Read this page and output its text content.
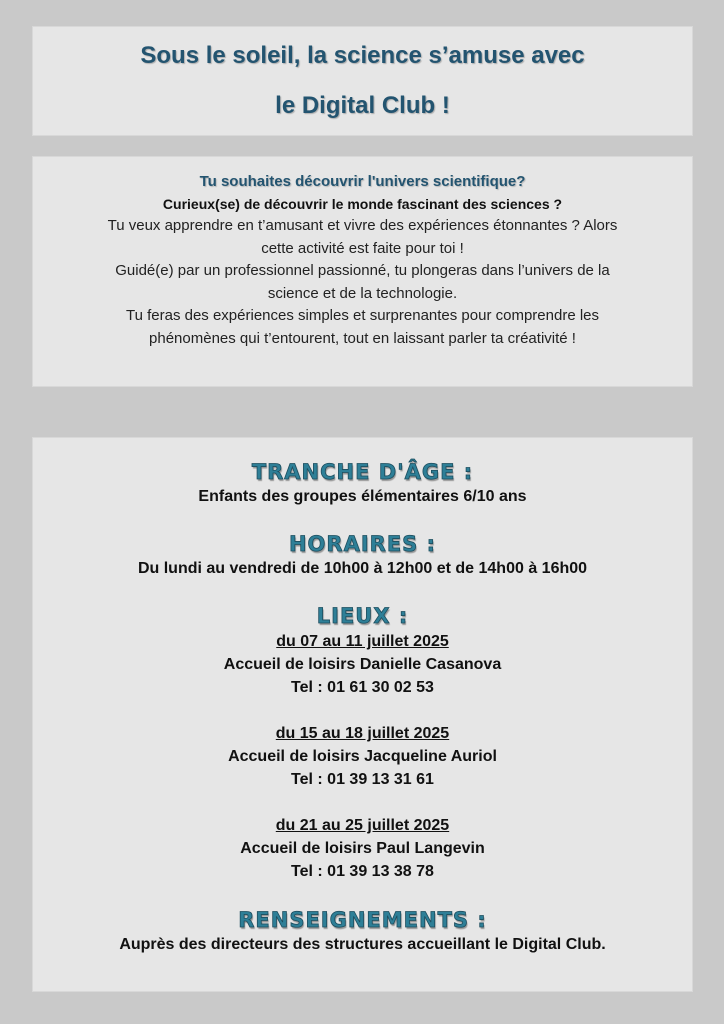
Sous le soleil, la science s’amuse avec
le Digital Club !
Tu souhaites découvrir l'univers scientifique?
Curieux(se) de découvrir le monde fascinant des sciences ?
Tu veux apprendre en t’amusant et vivre des expériences étonnantes ? Alors
cette activité est faite pour toi !
Guidé(e) par un professionnel passionné, tu plongeras dans l’univers de la
science et de la technologie.
Tu feras des expériences simples et surprenantes pour comprendre les
phénomènes qui t’entourent, tout en laissant parler ta créativité !
TRANCHE D'ÂGE :
Enfants des groupes élémentaires 6/10 ans
HORAIRES :
Du lundi au vendredi de 10h00 à 12h00 et de 14h00 à 16h00
LIEUX :
du 07 au 11 juillet 2025
Accueil de loisirs Danielle Casanova
Tel : 01 61 30 02 53
du 15 au 18 juillet 2025
Accueil de loisirs Jacqueline Auriol
Tel : 01 39 13 31 61
du 21 au 25 juillet 2025
Accueil de loisirs Paul Langevin
Tel : 01 39 13 38 78
RENSEIGNEMENTS :
Auprès des directeurs des structures accueillant le Digital Club.
